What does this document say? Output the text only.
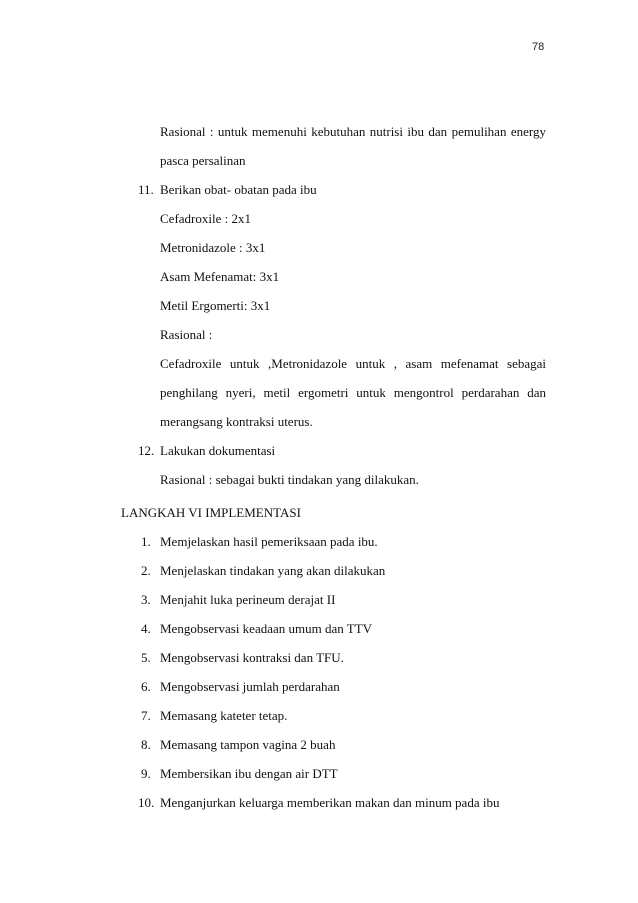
78
Rasional : untuk memenuhi kebutuhan nutrisi ibu dan pemulihan energy
pasca persalinan
11. Berikan obat- obatan pada ibu
Cefadroxile : 2x1
Metronidazole : 3x1
Asam Mefenamat: 3x1
Metil Ergomerti: 3x1
Rasional :
Cefadroxile untuk ,Metronidazole untuk , asam mefenamat sebagai
penghilang nyeri, metil ergometri untuk mengontrol perdarahan dan
merangsang kontraksi uterus.
12. Lakukan dokumentasi
Rasional : sebagai bukti tindakan yang dilakukan.
LANGKAH VI IMPLEMENTASI
1. Memjelaskan hasil pemeriksaan pada ibu.
2. Menjelaskan tindakan yang akan dilakukan
3. Menjahit luka perineum derajat II
4. Mengobservasi keadaan umum dan TTV
5. Mengobservasi kontraksi dan TFU.
6. Mengobservasi jumlah perdarahan
7. Memasang kateter tetap.
8. Memasang tampon vagina 2 buah
9. Membersikan ibu dengan air DTT
10. Menganjurkan keluarga memberikan makan dan minum pada ibu
